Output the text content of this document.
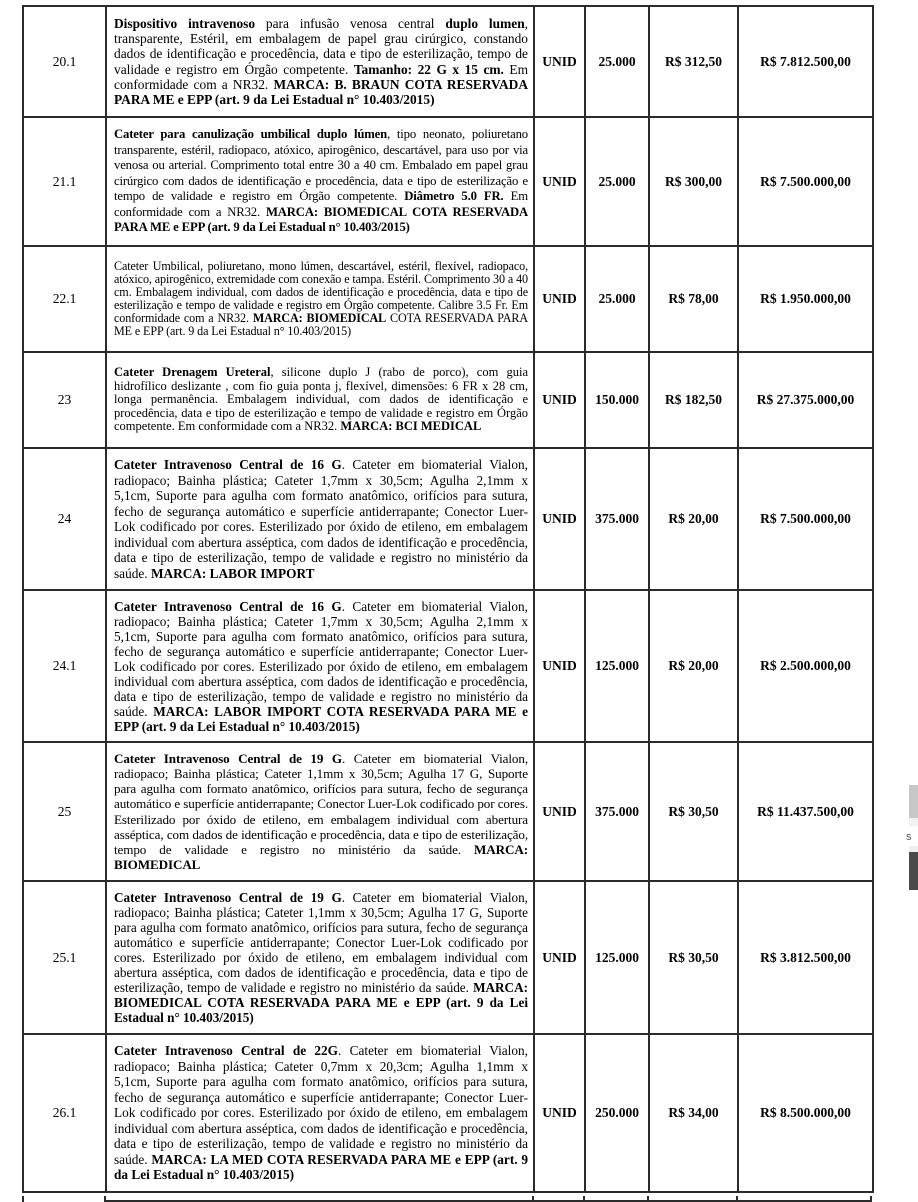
20.1	Dispositivo intravenoso para infusão venosa central duplo lumen, transparente, Estéril, em embalagem de papel grau cirúrgico, constando dados de identificação e procedência, data e tipo de esterilização, tempo de validade e registro em Órgão competente. Tamanho: 22 G x 15 cm. Em conformidade com a NR32. MARCA: B. BRAUN COTA RESERVADA PARA ME e EPP (art. 9 da Lei Estadual n° 10.403/2015)	UNID	25.000	R$ 312,50	R$ 7.812.500,00
21.1	Cateter para canulização umbilical duplo lúmen, tipo neonato, poliuretano transparente, estéril, radiopaco, atóxico, apirogênico, descartável, para uso por via venosa ou arterial. Comprimento total entre 30 a 40 cm. Embalado em papel grau cirúrgico com dados de identificação e procedência, data e tipo de esterilização e tempo de validade e registro em Órgão competente. Diâmetro 5.0 FR. Em conformidade com a NR32. MARCA: BIOMEDICAL COTA RESERVADA PARA ME e EPP (art. 9 da Lei Estadual n° 10.403/2015)	UNID	25.000	R$ 300,00	R$ 7.500.000,00
22.1	Cateter Umbilical, poliuretano, mono lúmen, descartável, estéril, flexível, radiopaco, atóxico, apirogênico, extremidade com conexão e tampa. Estéril. Comprimento 30 a 40 cm. Embalagem individual, com dados de identificação e procedência, data e tipo de esterilização e tempo de validade e registro em Órgão competente. Calibre 3.5 Fr. Em conformidade com a NR32. MARCA: BIOMEDICAL COTA RESERVADA PARA ME e EPP (art. 9 da Lei Estadual n° 10.403/2015)	UNID	25.000	R$ 78,00	R$ 1.950.000,00
23	Cateter Drenagem Ureteral, silicone duplo J (rabo de porco), com guia hidrofílico deslizante , com fio guia ponta j, flexível, dimensões: 6 FR x 28 cm, longa permanência. Embalagem individual, com dados de identificação e procedência, data e tipo de esterilização e tempo de validade e registro em Órgão competente. Em conformidade com a NR32. MARCA: BCI MEDICAL	UNID	150.000	R$ 182,50	R$ 27.375.000,00
24	Cateter Intravenoso Central de 16 G. Cateter em biomaterial Vialon, radiopaco; Bainha plástica; Cateter 1,7mm x 30,5cm; Agulha 2,1mm x 5,1cm, Suporte para agulha com formato anatômico, orifícios para sutura, fecho de segurança automático e superfície antiderrapante; Conector Luer-Lok codificado por cores. Esterilizado por óxido de etileno, em embalagem individual com abertura asséptica, com dados de identificação e procedência, data e tipo de esterilização, tempo de validade e registro no ministério da saúde. MARCA: LABOR IMPORT	UNID	375.000	R$ 20,00	R$ 7.500.000,00
24.1	Cateter Intravenoso Central de 16 G. Cateter em biomaterial Vialon, radiopaco; Bainha plástica; Cateter 1,7mm x 30,5cm; Agulha 2,1mm x 5,1cm, Suporte para agulha com formato anatômico, orifícios para sutura, fecho de segurança automático e superfície antiderrapante; Conector Luer-Lok codificado por cores. Esterilizado por óxido de etileno, em embalagem individual com abertura asséptica, com dados de identificação e procedência, data e tipo de esterilização, tempo de validade e registro no ministério da saúde. MARCA: LABOR IMPORT COTA RESERVADA PARA ME e EPP (art. 9 da Lei Estadual n° 10.403/2015)	UNID	125.000	R$ 20,00	R$ 2.500.000,00
25	Cateter Intravenoso Central de 19 G. Cateter em biomaterial Vialon, radiopaco; Bainha plástica; Cateter 1,1mm x 30,5cm; Agulha 17 G, Suporte para agulha com formato anatômico, orifícios para sutura, fecho de segurança automático e superfície antiderrapante; Conector Luer-Lok codificado por cores. Esterilizado por óxido de etileno, em embalagem individual com abertura asséptica, com dados de identificação e procedência, data e tipo de esterilização, tempo de validade e registro no ministério da saúde. MARCA: BIOMEDICAL	UNID	375.000	R$ 30,50	R$ 11.437.500,00
25.1	Cateter Intravenoso Central de 19 G. Cateter em biomaterial Vialon, radiopaco; Bainha plástica; Cateter 1,1mm x 30,5cm; Agulha 17 G, Suporte para agulha com formato anatômico, orifícios para sutura, fecho de segurança automático e superfície antiderrapante; Conector Luer-Lok codificado por cores. Esterilizado por óxido de etileno, em embalagem individual com abertura asséptica, com dados de identificação e procedência, data e tipo de esterilização, tempo de validade e registro no ministério da saúde. MARCA: BIOMEDICAL COTA RESERVADA PARA ME e EPP (art. 9 da Lei Estadual n° 10.403/2015)	UNID	125.000	R$ 30,50	R$ 3.812.500,00
26.1	Cateter Intravenoso Central de 22G. Cateter em biomaterial Vialon, radiopaco; Bainha plástica; Cateter 0,7mm x 20,3cm; Agulha 1,1mm x 5,1cm, Suporte para agulha com formato anatômico, orifícios para sutura, fecho de segurança automático e superfície antiderrapante; Conector Luer-Lok codificado por cores. Esterilizado por óxido de etileno, em embalagem individual com abertura asséptica, com dados de identificação e procedência, data e tipo de esterilização, tempo de validade e registro no ministério da saúde. MARCA: LA MED COTA RESERVADA PARA ME e EPP (art. 9 da Lei Estadual n° 10.403/2015)	UNID	250.000	R$ 34,00	R$ 8.500.000,00
s
